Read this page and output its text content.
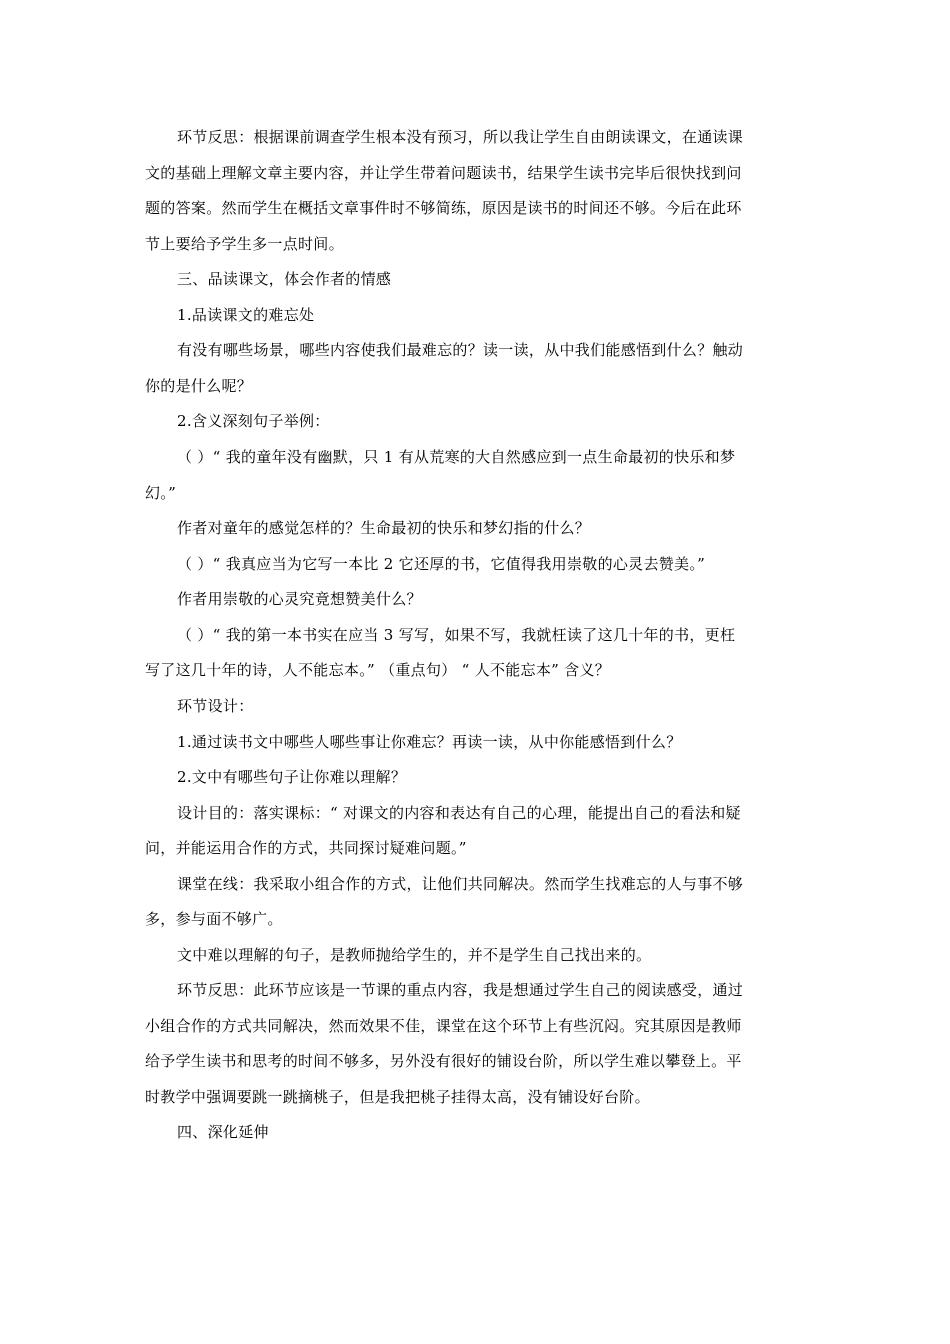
环节反思：根据课前调查学生根本没有预习，所以我让学生自由朗读课文，在通读课
文的基础上理解文章主要内容，并让学生带着问题读书，结果学生读书完毕后很快找到问
题的答案。然而学生在概括文章事件时不够简练，原因是读书的时间还不够。今后在此环
节上要给予学生多一点时间。
三、品读课文，体会作者的情感
1.品读课文的难忘处
有没有哪些场景，哪些内容使我们最难忘的？读一读，从中我们能感悟到什么？触动
你的是什么呢？
2.含义深刻句子举例：
（ ）“ 我的童年没有幽默，只 1 有从荒寒的大自然感应到一点生命最初的快乐和梦
幻。”
作者对童年的感觉怎样的？生命最初的快乐和梦幻指的什么？
（ ）“ 我真应当为它写一本比 2 它还厚的书，它值得我用崇敬的心灵去赞美。”
作者用崇敬的心灵究竟想赞美什么？
（ ）“ 我的第一本书实在应当 3 写写，如果不写，我就枉读了这几十年的书，更枉
写了这几十年的诗，人不能忘本。” （重点句） “ 人不能忘本” 含义？
环节设计：
1.通过读书文中哪些人哪些事让你难忘？再读一读，从中你能感悟到什么？
2.文中有哪些句子让你难以理解？
设计目的：落实课标：“ 对课文的内容和表达有自己的心理，能提出自己的看法和疑
问，并能运用合作的方式，共同探讨疑难问题。”
课堂在线：我采取小组合作的方式，让他们共同解决。然而学生找难忘的人与事不够
多，参与面不够广。
文中难以理解的句子，是教师抛给学生的，并不是学生自己找出来的。
环节反思：此环节应该是一节课的重点内容，我是想通过学生自己的阅读感受，通过
小组合作的方式共同解决，然而效果不佳，课堂在这个环节上有些沉闷。究其原因是教师
给予学生读书和思考的时间不够多，另外没有很好的铺设台阶，所以学生难以攀登上。平
时教学中强调要跳一跳摘桃子，但是我把桃子挂得太高，没有铺设好台阶。
四、深化延伸
